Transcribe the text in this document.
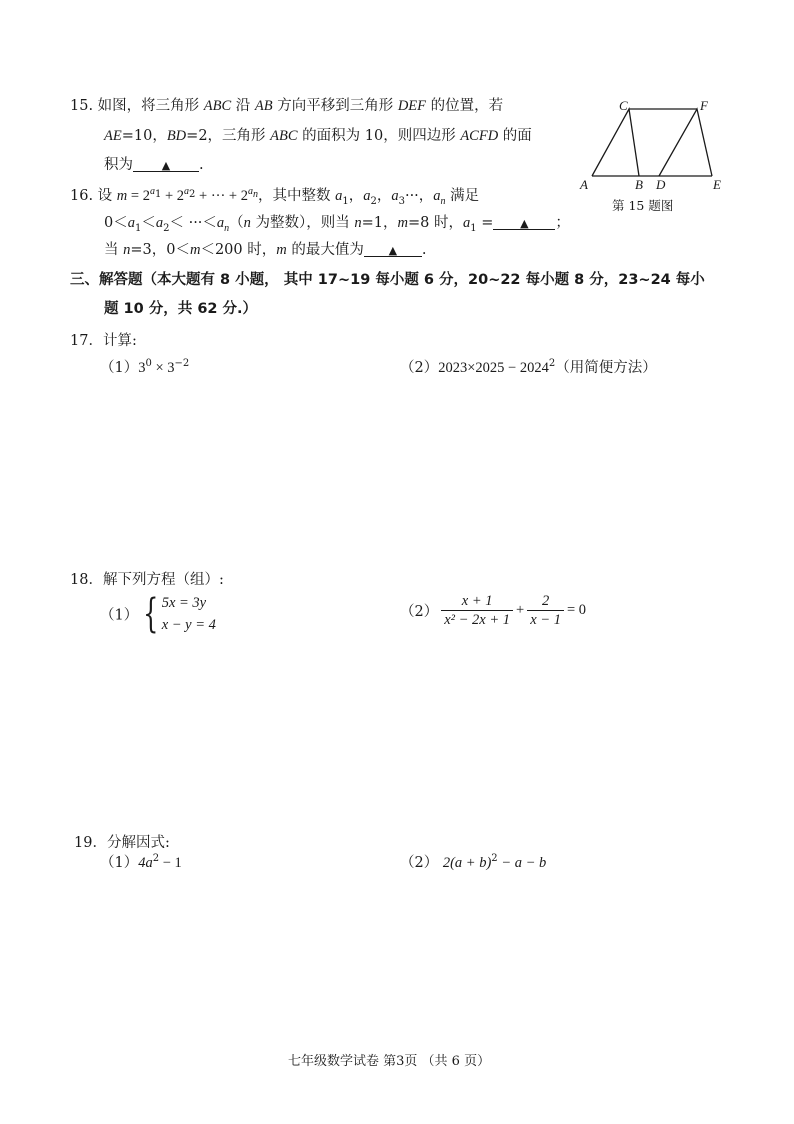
15. 如图，将三角形 ABC 沿 AB 方向平移到三角形 DEF 的位置，若
AE=10，BD=2，三角形 ABC 的面积为 10，则四边形 ACFD 的面
积为	▲ .
A	B
C
D	E
F
第 15 题图
16. 设 $m = 2^{a_1} + 2^{a_2}$ + ··· + $2^{a_n}$，其中整数 $a_1$，$a_2$，$a_3\cdot\cdot\cdot$，$a_n$ 满足
$0<a_1<a_2< \cdot\cdot\cdot<a_n(n$ 为整数），则当 n=1，m=8 时，$a_1$ = ▲ ；
当 n=3，0＜m＜200 时，m 的最大值为 ▲ .
三、解答题（本大题有 8 小题， 其中 17~19 每小题 6 分，20~22 每小题 8 分，23~24 每小
题 10 分，共 62 分.）
17．计算:
$(1)3^0 \times 3^{-2}$	$(2)2023\times 2025 - 2024^2$（用简便方法）
18．解下列方程（组）:
（1） { 5x = 3y
x − y = 4
$(2) \frac{x + 1}{\text{x² − 2x + 1}} + \frac{2}{x - 1} = 0$
19．分解因式:
$(1)4a^2 - 1$	（2） $2(a + b)^2 - a - b$
七年级数学试卷 第3页 （共 6 页）
